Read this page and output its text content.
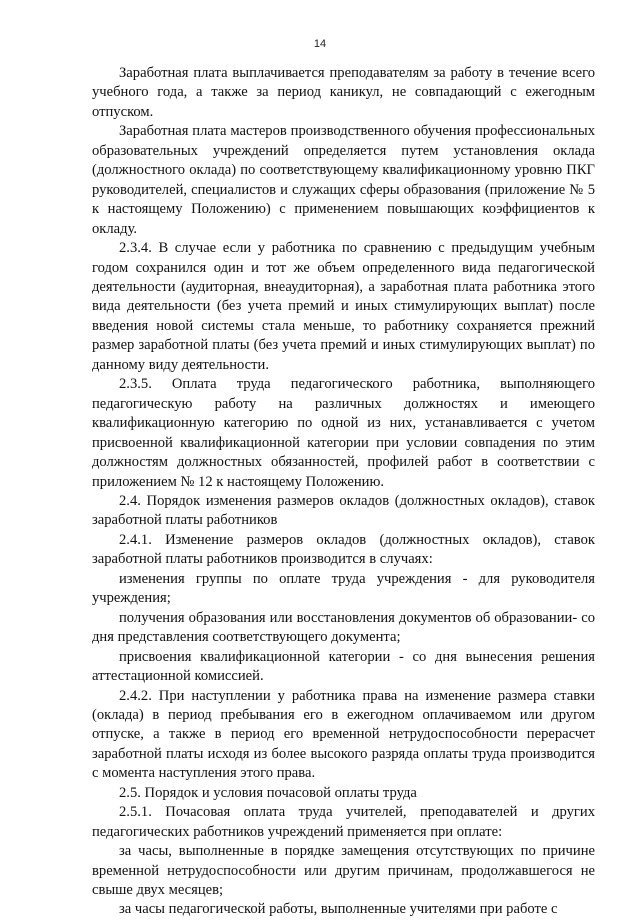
14

Заработная плата выплачивается преподавателям за работу в течение всего учебного года, а также за период каникул, не совпадающий с ежегодным отпуском.

Заработная плата мастеров производственного обучения профессиональных образовательных учреждений определяется путем установления оклада (должностного оклада) по соответствующему квалификационному уровню ПКГ руководителей, специалистов и служащих сферы образования (приложение № 5 к настоящему Положению) с применением повышающих коэффициентов к окладу.

2.3.4. В случае если у работника по сравнению с предыдущим учебным годом сохранился один и тот же объем определенного вида педагогической деятельности (аудиторная, внеаудиторная), а заработная плата работника этого вида деятельности (без учета премий и иных стимулирующих выплат) после введения новой системы стала меньше, то работнику сохраняется прежний размер заработной платы (без учета премий и иных стимулирующих выплат) по данному виду деятельности.

2.3.5. Оплата труда педагогического работника, выполняющего педагогическую работу на различных должностях и имеющего квалификационную категорию по одной из них, устанавливается с учетом присвоенной квалификационной категории при условии совпадения по этим должностям должностных обязанностей, профилей работ в соответствии с приложением № 12 к настоящему Положению.

2.4. Порядок изменения размеров окладов (должностных окладов), ставок заработной платы работников

2.4.1. Изменение размеров окладов (должностных окладов), ставок заработной платы работников производится в случаях:

изменения группы по оплате труда учреждения - для руководителя учреждения;

получения образования или восстановления документов об образовании- со дня представления соответствующего документа;

присвоения квалификационной категории - со дня вынесения решения аттестационной комиссией.

2.4.2. При наступлении у работника права на изменение размера ставки (оклада) в период пребывания его в ежегодном оплачиваемом или другом отпуске, а также в период его временной нетрудоспособности перерасчет заработной платы исходя из более высокого разряда оплаты труда производится с момента наступления этого права.

2.5. Порядок и условия почасовой оплаты труда

2.5.1. Почасовая оплата труда учителей, преподавателей и других педагогических работников учреждений применяется при оплате:

за часы, выполненные в порядке замещения отсутствующих по причине временной нетрудоспособности или другим причинам, продолжавшегося не свыше двух месяцев;

за часы педагогической работы, выполненные учителями при работе с
